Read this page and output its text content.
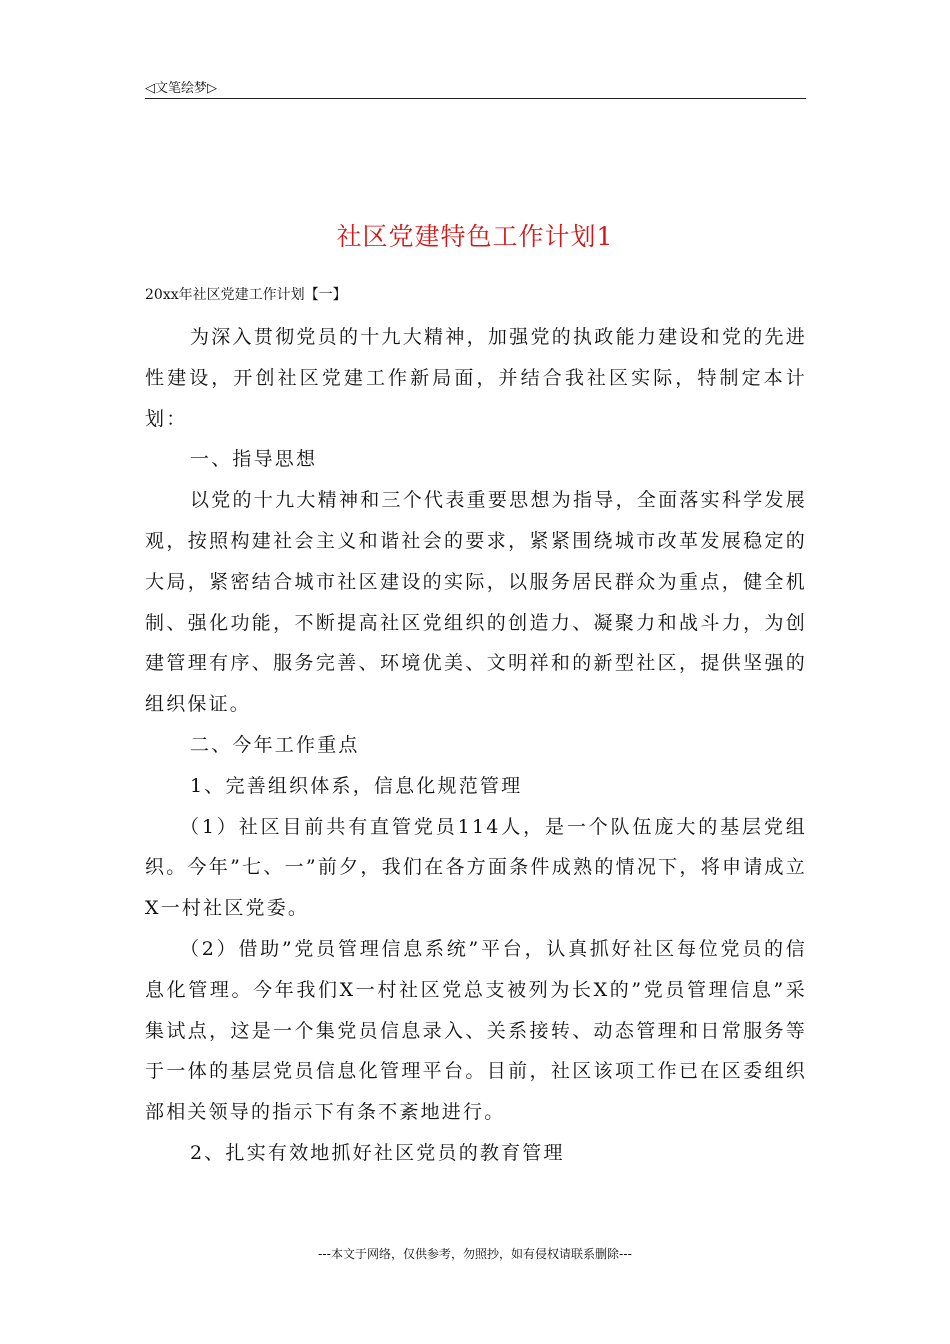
◁文笔绘梦▷
社区党建特色工作计划1
20xx年社区党建工作计划【一】

为深入贯彻党员的十九大精神，加强党的执政能力建设和党的先进性建设，开创社区党建工作新局面，并结合我社区实际，特制定本计划：

一、指导思想

以党的十九大精神和三个代表重要思想为指导，全面落实科学发展观，按照构建社会主义和谐社会的要求，紧紧围绕城市改革发展稳定的大局，紧密结合城市社区建设的实际，以服务居民群众为重点，健全机制、强化功能，不断提高社区党组织的创造力、凝聚力和战斗力，为创建管理有序、服务完善、环境优美、文明祥和的新型社区，提供坚强的组织保证。

二、今年工作重点

1、完善组织体系，信息化规范管理

（1）社区目前共有直管党员114人，是一个队伍庞大的基层党组织。今年”七、一”前夕，我们在各方面条件成熟的情况下，将申请成立X一村社区党委。

（2）借助”党员管理信息系统”平台，认真抓好社区每位党员的信息化管理。今年我们X一村社区党总支被列为长X的”党员管理信息”采集试点，这是一个集党员信息录入、关系接转、动态管理和日常服务等于一体的基层党员信息化管理平台。目前，社区该项工作已在区委组织部相关领导的指示下有条不紊地进行。

2、扎实有效地抓好社区党员的教育管理

---本文于网络，仅供参考，勿照抄，如有侵权请联系删除---
